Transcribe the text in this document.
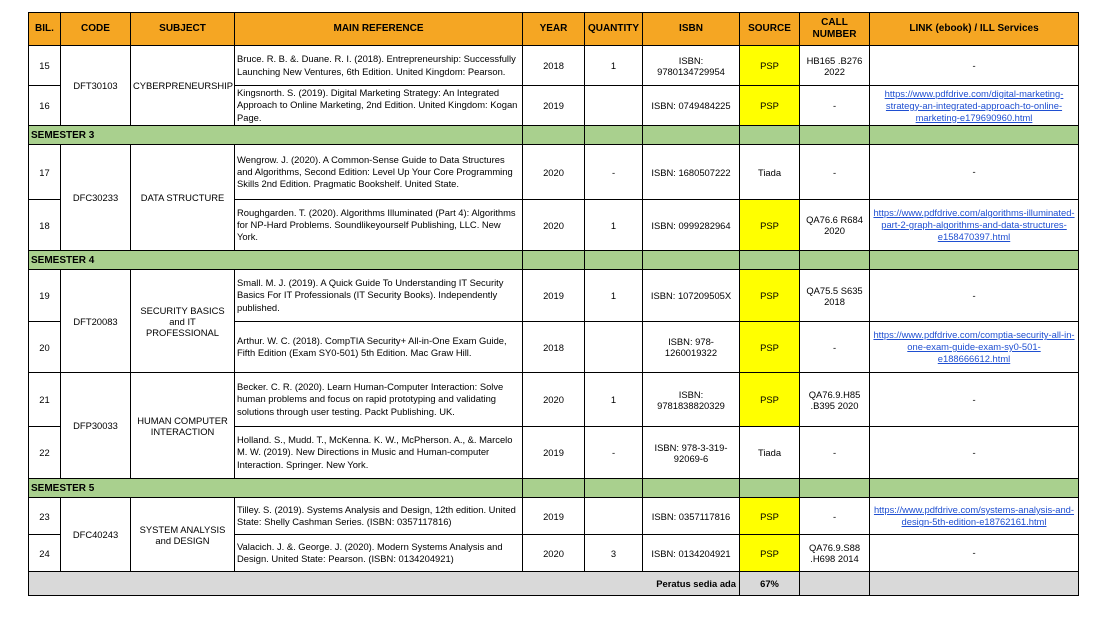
BIL.	CODE	SUBJECT	MAIN REFERENCE	YEAR	QUANTITY	ISBN	SOURCE	CALL NUMBER	LINK (ebook) / ILL Services
15	DFT30103	CYBERPRENEURSHIP	Bruce. R. B. &. Duane. R. I. (2018). Entrepreneurship: Successfully Launching New Ventures, 6th Edition. United Kingdom: Pearson.	2018	1	ISBN: 9780134729954	PSP	HB165 .B276 2022	-
16			Kingsnorth. S. (2019). Digital Marketing Strategy: An Integrated Approach to Online Marketing, 2nd Edition. United Kingdom: Kogan Page.	2019		ISBN: 0749484225	PSP	-	https://www.pdfdrive.com/digital-marketing-strategy-an-integrated-approach-to-online-marketing-e179690960.html
SEMESTER 3									
17	DFC30233	DATA STRUCTURE	Wengrow. J. (2020). A Common-Sense Guide to Data Structures and Algorithms, Second Edition: Level Up Your Core Programming Skills 2nd Edition. Pragmatic Bookshelf. United State.	2020	-	ISBN: 1680507222	Tiada	-	-
18			Roughgarden. T. (2020). Algorithms Illuminated (Part 4): Algorithms for NP-Hard Problems. Soundlikeyourself Publishing, LLC. New York.	2020	1	ISBN: 0999282964	PSP	QA76.6 R684 2020	https://www.pdfdrive.com/algorithms-illuminated-part-2-graph-algorithms-and-data-structures-e158470397.html
SEMESTER 4									
19	DFT20083	SECURITY BASICS and IT PROFESSIONAL	Small. M. J. (2019). A Quick Guide To Understanding IT Security Basics For IT Professionals (IT Security Books). Independently published.	2019	1	ISBN: 107209505X	PSP	QA75.5 S635 2018	-
20			Arthur. W. C. (2018). CompTIA Security+ All-in-One Exam Guide, Fifth Edition (Exam SY0-501) 5th Edition. Mac Graw Hill.	2018		ISBN: 978-1260019322	PSP	-	https://www.pdfdrive.com/comptia-security-all-in-one-exam-guide-exam-sy0-501-e188666612.html
21	DFP30033	HUMAN COMPUTER INTERACTION	Becker. C. R. (2020). Learn Human-Computer Interaction: Solve human problems and focus on rapid prototyping and validating solutions through user testing. Packt Publishing. UK.	2020	1	ISBN: 9781838820329	PSP	QA76.9.H85 .B395 2020	-
22			Holland. S., Mudd. T., McKenna. K. W., McPherson. A., &. Marcelo M. W. (2019). New Directions in Music and Human-computer Interaction. Springer. New York.	2019	-	ISBN: 978-3-319-92069-6	Tiada	-	-
SEMESTER 5									
23	DFC40243	SYSTEM ANALYSIS and DESIGN	Tilley. S. (2019). Systems Analysis and Design, 12th edition. United State: Shelly Cashman Series. (ISBN: 0357117816)	2019		ISBN: 0357117816	PSP	-	https://www.pdfdrive.com/systems-analysis-and-design-5th-edition-e18762161.html
24			Valacich. J. &. George. J. (2020). Modern Systems Analysis and Design. United State: Pearson. (ISBN: 0134204921)	2020	3	ISBN: 0134204921	PSP	QA76.9.S88 .H698 2014	-
Peratus sedia ada							67%		
